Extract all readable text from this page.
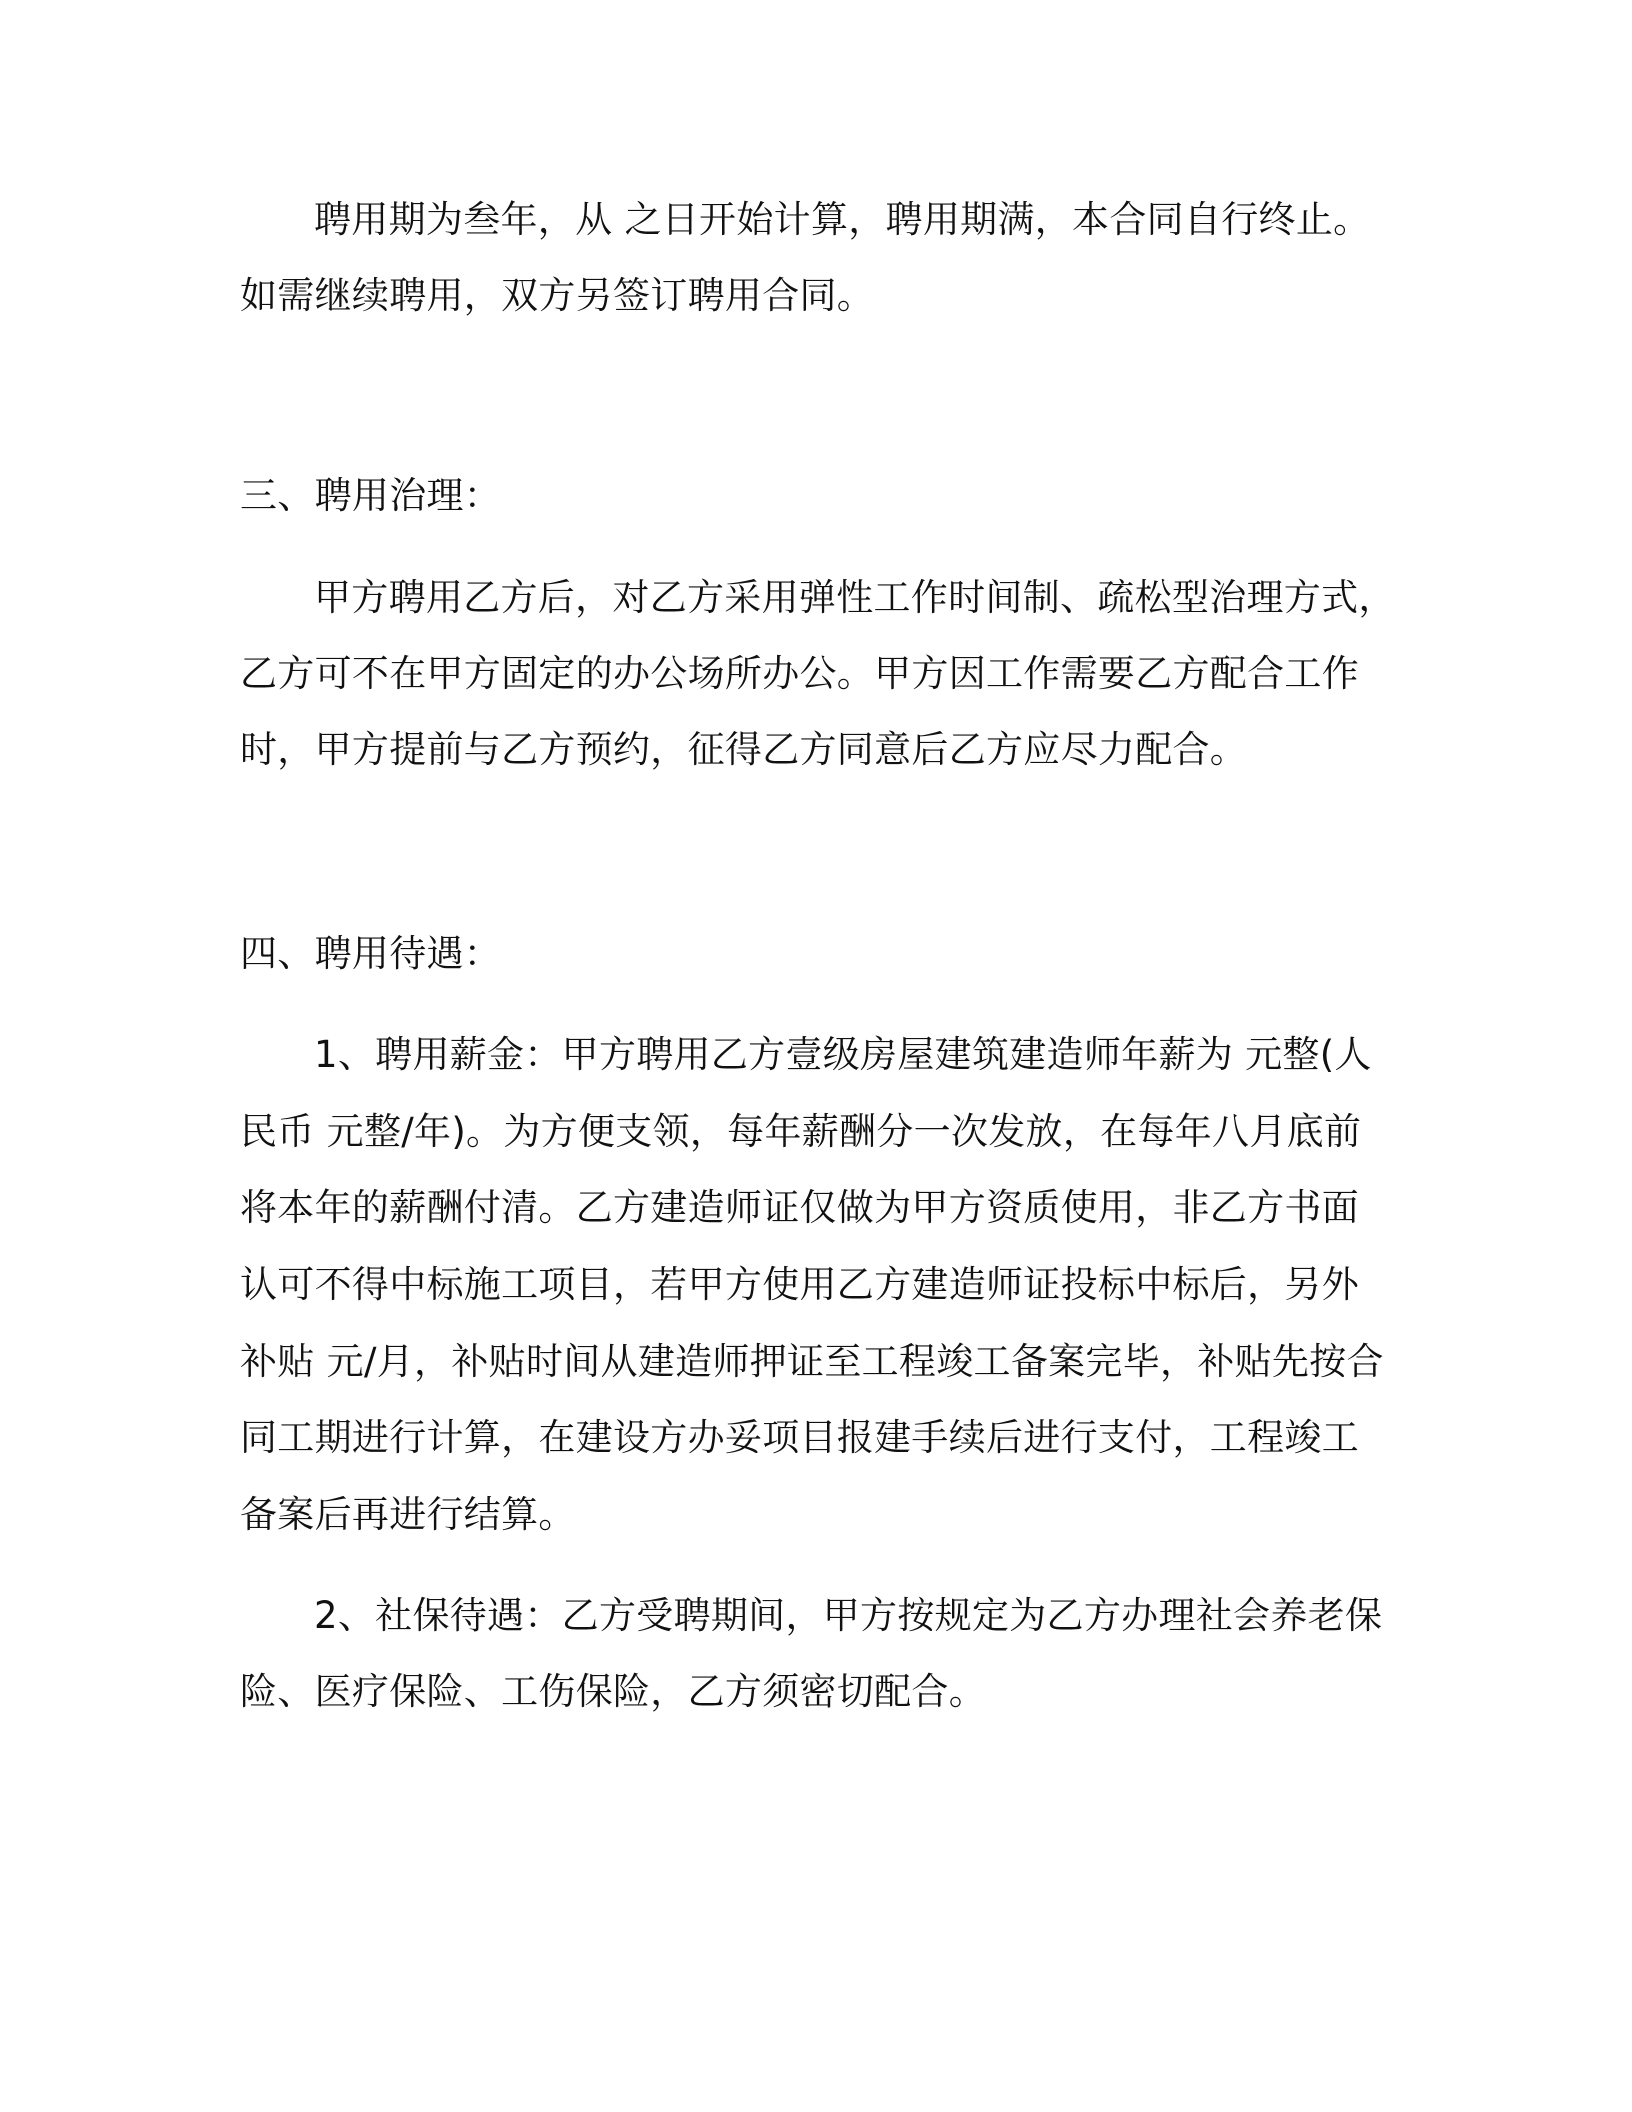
聘用期为叁年，从 之日开始计算，聘用期满，本合同自行终止。
如需继续聘用，双方另签订聘用合同。
三、聘用治理：
甲方聘用乙方后，对乙方采用弹性工作时间制、疏松型治理方式，
乙方可不在甲方固定的办公场所办公。甲方因工作需要乙方配合工作
时，甲方提前与乙方预约，征得乙方同意后乙方应尽力配合。
四、聘用待遇：
1、聘用薪金：甲方聘用乙方壹级房屋建筑建造师年薪为 元整(人
民币 元整/年)。为方便支领，每年薪酬分一次发放，在每年八月底前
将本年的薪酬付清。乙方建造师证仅做为甲方资质使用，非乙方书面
认可不得中标施工项目，若甲方使用乙方建造师证投标中标后，另外
补贴 元/月，补贴时间从建造师押证至工程竣工备案完毕，补贴先按合
同工期进行计算，在建设方办妥项目报建手续后进行支付，工程竣工
备案后再进行结算。
2、社保待遇：乙方受聘期间，甲方按规定为乙方办理社会养老保
险、医疗保险、工伤保险，乙方须密切配合。
